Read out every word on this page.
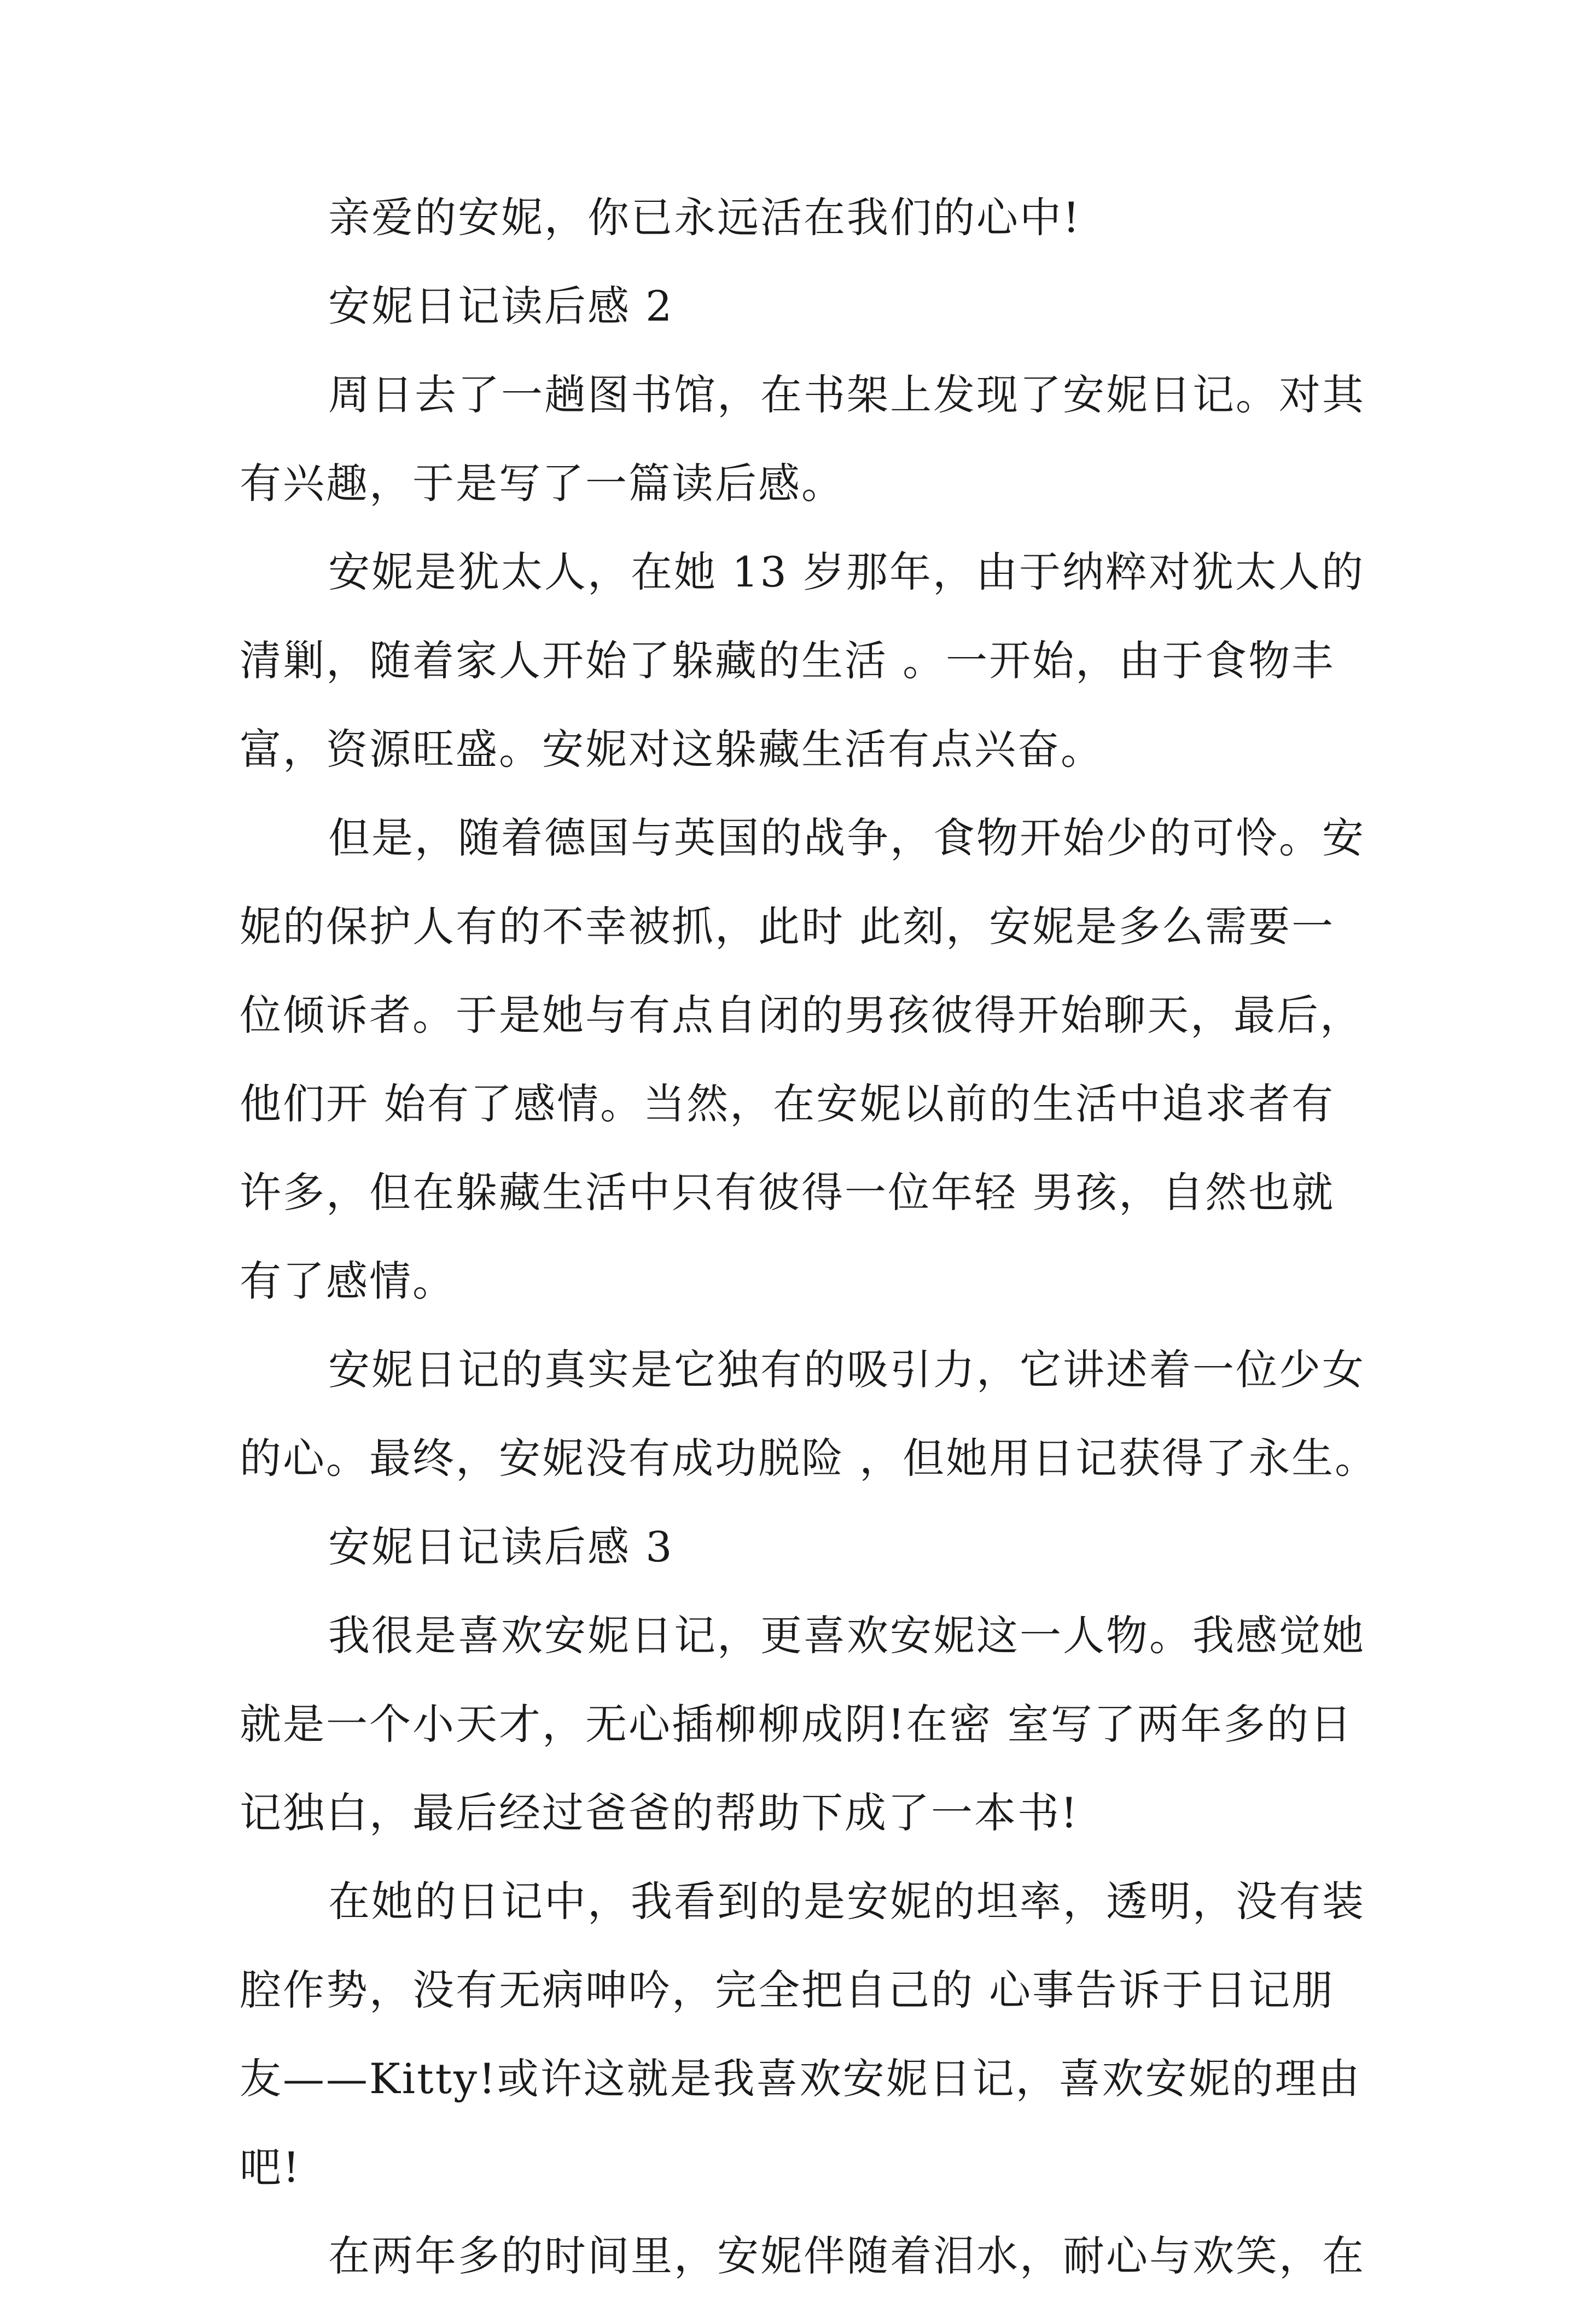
亲爱的安妮，你已永远活在我们的心中!
安妮日记读后感 2
周日去了一趟图书馆，在书架上发现了安妮日记。对其
有兴趣，于是写了一篇读后感。
安妮是犹太人，在她 13 岁那年，由于纳粹对犹太人的
清剿，随着家人开始了躲藏的生活 。一开始，由于食物丰
富，资源旺盛。安妮对这躲藏生活有点兴奋。
但是，随着德国与英国的战争，食物开始少的可怜。安
妮的保护人有的不幸被抓，此时 此刻，安妮是多么需要一
位倾诉者。于是她与有点自闭的男孩彼得开始聊天，最后，
他们开 始有了感情。当然，在安妮以前的生活中追求者有
许多，但在躲藏生活中只有彼得一位年轻 男孩，自然也就
有了感情。
安妮日记的真实是它独有的吸引力，它讲述着一位少女
的心。最终，安妮没有成功脱险 ，但她用日记获得了永生。
安妮日记读后感 3
我很是喜欢安妮日记，更喜欢安妮这一人物。我感觉她
就是一个小天才，无心插柳柳成阴!在密 室写了两年多的日
记独白，最后经过爸爸的帮助下成了一本书!
在她的日记中，我看到的是安妮的坦率，透明，没有装
腔作势，没有无病呻吟，完全把自己的 心事告诉于日记朋
友——Kitty!或许这就是我喜欢安妮日记，喜欢安妮的理由
吧!
在两年多的时间里，安妮伴随着泪水，耐心与欢笑，在
